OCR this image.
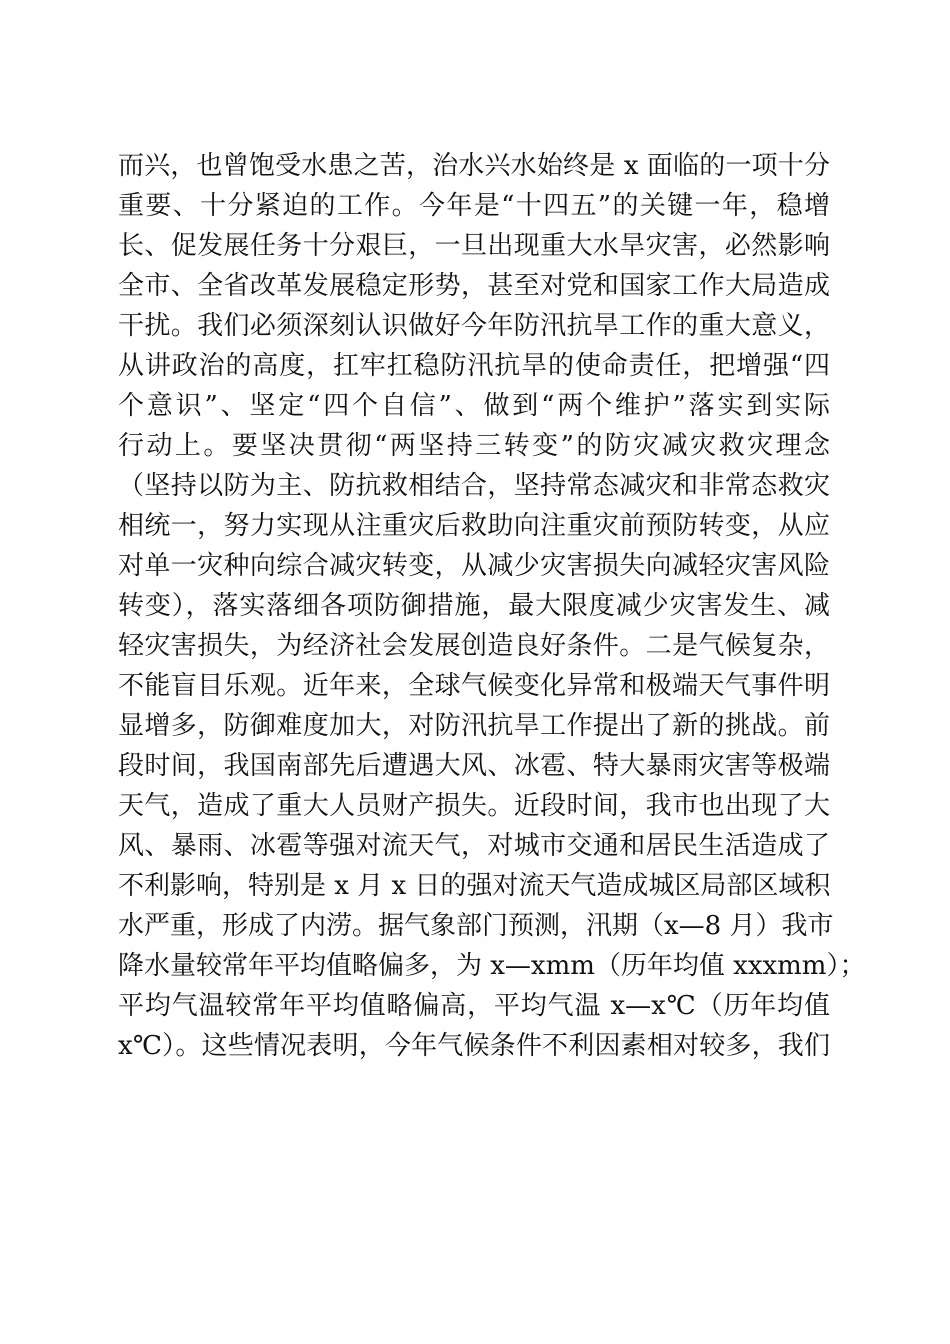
而兴，也曾饱受水患之苦，治水兴水始终是 x 面临的一项十分
重要、十分紧迫的工作。今年是“十四五”的关键一年，稳增
长、促发展任务十分艰巨，一旦出现重大水旱灾害，必然影响
全市、全省改革发展稳定形势，甚至对党和国家工作大局造成
干扰。我们必须深刻认识做好今年防汛抗旱工作的重大意义，
从讲政治的高度，扛牢扛稳防汛抗旱的使命责任，把增强“四
个意识”、坚定“四个自信”、做到“两个维护”落实到实际
行动上。要坚决贯彻“两坚持三转变”的防灾减灾救灾理念
（坚持以防为主、防抗救相结合，坚持常态减灾和非常态救灾
相统一，努力实现从注重灾后救助向注重灾前预防转变，从应
对单一灾种向综合减灾转变，从减少灾害损失向减轻灾害风险
转变），落实落细各项防御措施，最大限度减少灾害发生、减
轻灾害损失，为经济社会发展创造良好条件。二是气候复杂，
不能盲目乐观。近年来，全球气候变化异常和极端天气事件明
显增多，防御难度加大，对防汛抗旱工作提出了新的挑战。前
段时间，我国南部先后遭遇大风、冰雹、特大暴雨灾害等极端
天气，造成了重大人员财产损失。近段时间，我市也出现了大
风、暴雨、冰雹等强对流天气，对城市交通和居民生活造成了
不利影响，特别是 x 月 x 日的强对流天气造成城区局部区域积
水严重，形成了内涝。据气象部门预测，汛期（x—8 月）我市
降水量较常年平均值略偏多，为 x—xmm（历年均值 xxxmm）；
平均气温较常年平均值略偏高，平均气温 x—x℃（历年均值
x℃）。这些情况表明，今年气候条件不利因素相对较多，我们
